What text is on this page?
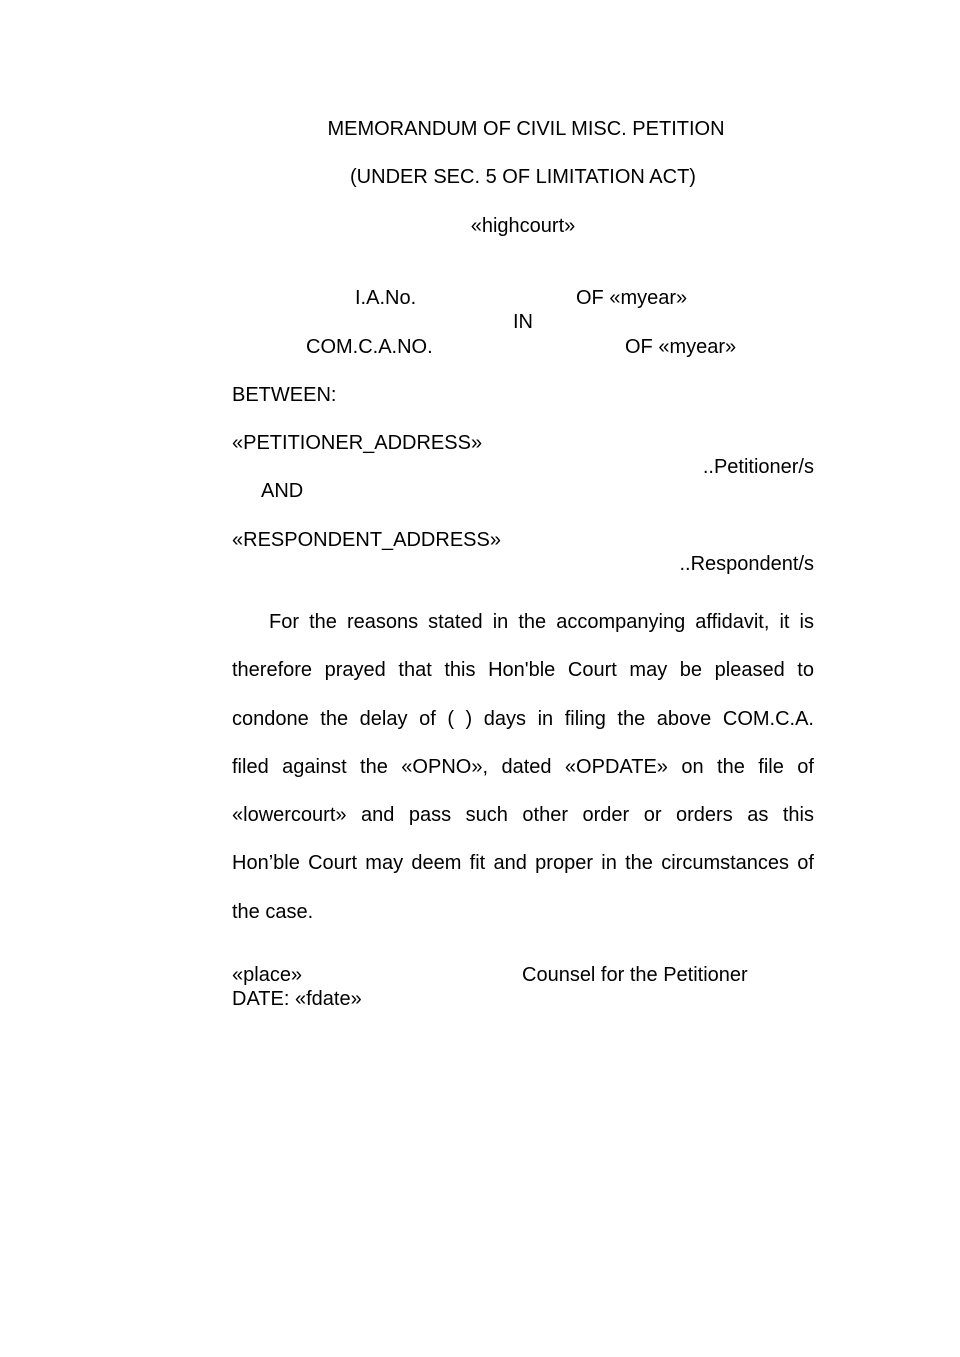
MEMORANDUM OF CIVIL MISC. PETITION
(UNDER SEC. 5 OF LIMITATION ACT)
«highcourt»
I.A.No.	OF «myear»
IN
COM.C.A.NO.	OF «myear»
BETWEEN:
«PETITIONER_ADDRESS»
..Petitioner/s
AND
«RESPONDENT_ADDRESS»
..Respondent/s
For the reasons stated in the accompanying affidavit, it is
therefore prayed that this Hon'ble Court may be pleased to
condone the delay of ( ) days in filing the above COM.C.A.
filed against the «OPNO», dated «OPDATE» on the file of
«lowercourt» and pass such other order or orders as this
Hon’ble Court may deem fit and proper in the circumstances of
the case.
«place»	Counsel for the Petitioner
DATE: «fdate»
